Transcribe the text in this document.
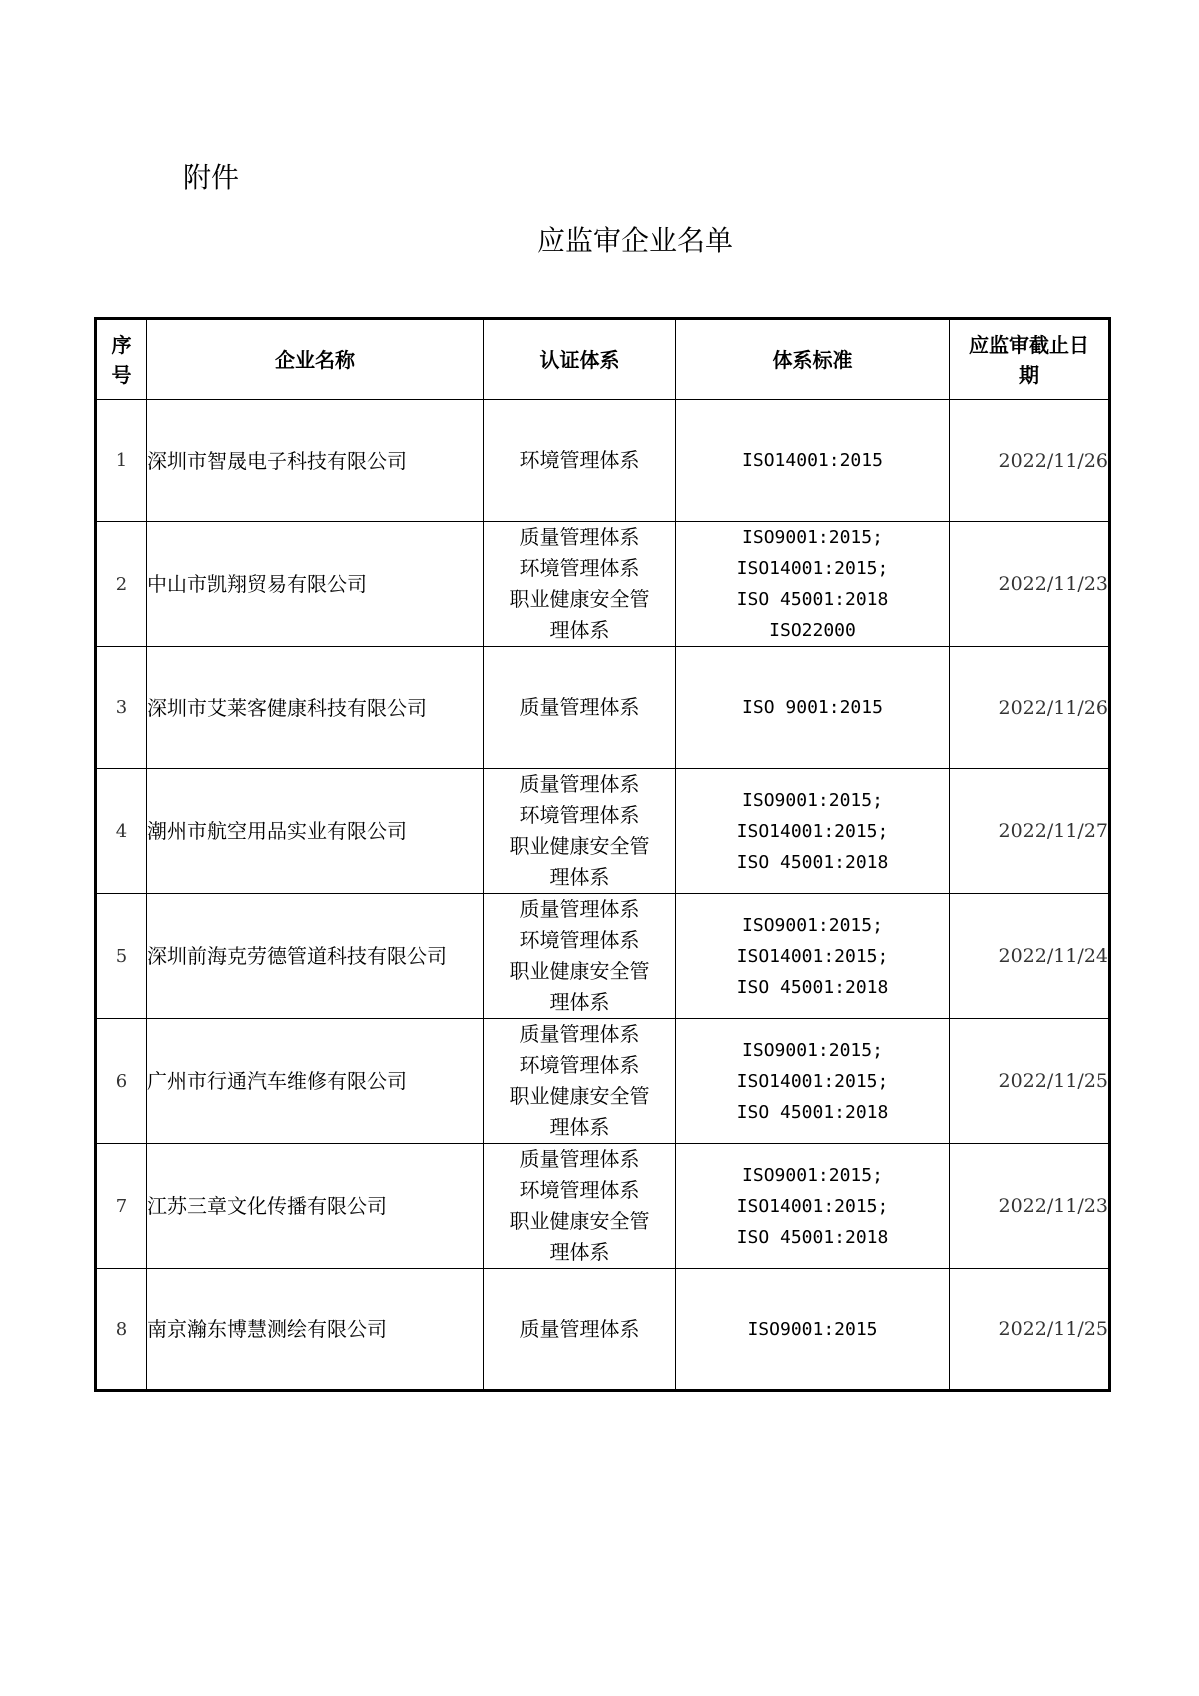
附件

应监审企业名单
序
号	企业名称	认证体系	体系标准	应监审截止日
期

1	深圳市智晟电子科技有限公司	环境管理体系	ISO14001:2015	2022/11/26
2	中山市凯翔贸易有限公司	质量管理体系
环境管理体系
职业健康安全管
理体系	ISO9001:2015;
ISO14001:2015;
ISO 45001:2018
ISO22000	2022/11/23
3	深圳市艾莱客健康科技有限公司	质量管理体系	ISO 9001:2015	2022/11/26
4	潮州市航空用品实业有限公司	质量管理体系
环境管理体系
职业健康安全管
理体系	ISO9001:2015;
ISO14001:2015;
ISO 45001:2018	2022/11/27
5	深圳前海克劳德管道科技有限公司	质量管理体系
环境管理体系
职业健康安全管
理体系	ISO9001:2015;
ISO14001:2015;
ISO 45001:2018	2022/11/24
6	广州市行通汽车维修有限公司	质量管理体系
环境管理体系
职业健康安全管
理体系	ISO9001:2015;
ISO14001:2015;
ISO 45001:2018	2022/11/25
7	江苏三章文化传播有限公司	质量管理体系
环境管理体系
职业健康安全管
理体系	ISO9001:2015;
ISO14001:2015;
ISO 45001:2018	2022/11/23
8	南京瀚东博慧测绘有限公司	质量管理体系	ISO9001:2015	2022/11/25
